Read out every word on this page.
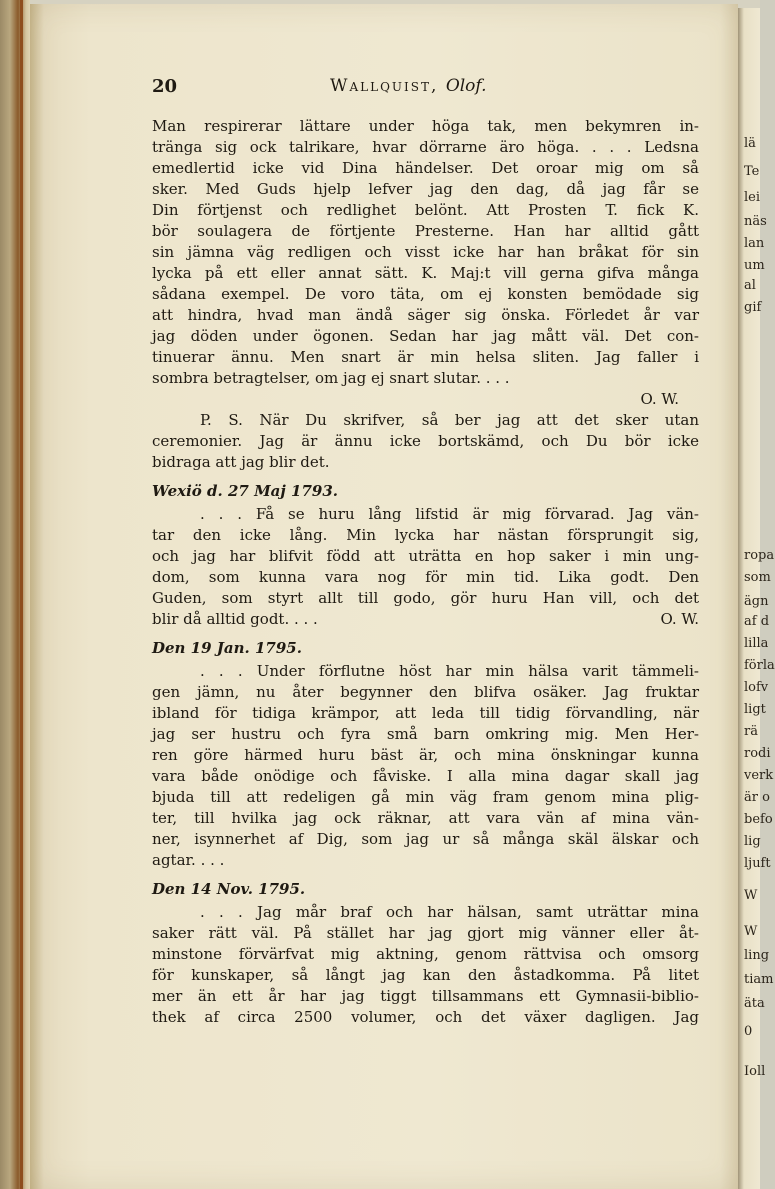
20	Wallquist, Olof.

Man respirerar lättare under höga tak, men bekymren in-
tränga sig ock talrikare, hvar dörrarne äro höga. . . . Ledsna
emedlertid icke vid Dina händelser. Det oroar mig om så
sker. Med Guds hjelp lefver jag den dag, då jag får se
Din förtjenst och redlighet belönt. Att Prosten T. fick K.
bör soulagera de förtjente Presterne. Han har alltid gått
sin jämna väg redligen och visst icke har han bråkat för sin
lycka på ett eller annat sätt. K. Maj:t vill gerna gifva många
sådana exempel. De voro täta, om ej konsten bemödade sig
att hindra, hvad man ändå säger sig önska. Förledet år var
jag döden under ögonen. Sedan har jag mått väl. Det con-
tinuerar ännu. Men snart är min helsa sliten. Jag faller i
sombra betragtelser, om jag ej snart slutar. . . .
O. W.

P. S. När Du skrifver, så ber jag att det sker utan
ceremonier. Jag är ännu icke bortskämd, och Du bör icke
bidraga att jag blir det.

Wexiö d. 27 Maj 1793.

. . . Få se huru lång lifstid är mig förvarad. Jag vän-
tar den icke lång. Min lycka har nästan försprungit sig,
och jag har blifvit född att uträtta en hop saker i min ung-
dom, som kunna vara nog för min tid. Lika godt. Den
Guden, som styrt allt till godo, gör huru Han vill, och det
blir då alltid godt. . . .	O. W.

Den 19 Jan. 1795.

. . . Under förflutne höst har min hälsa varit tämmeli-
gen jämn, nu åter begynner den blifva osäker. Jag fruktar
ibland för tidiga krämpor, att leda till tidig förvandling, när
jag ser hustru och fyra små barn omkring mig. Men Her-
ren göre härmed huru bäst är, och mina önskningar kunna
vara både onödige och fåviske. I alla mina dagar skall jag
bjuda till att redeligen gå min väg fram genom mina plig-
ter, till hvilka jag ock räknar, att vara vän af mina vän-
ner, isynnerhet af Dig, som jag ur så många skäl älskar och
agtar. . . .

Den 14 Nov. 1795.

. . . Jag mår braf och har hälsan, samt uträttar mina
saker rätt väl. På stället har jag gjort mig vänner eller åt-
minstone förvärfvat mig aktning, genom rättvisa och omsorg
för kunskaper, så långt jag kan den åstadkomma. På litet
mer än ett år har jag tiggt tillsammans ett Gymnasii-biblio-
thek af circa 2500 volumer, och det växer dagligen. Jag

lä
Te
lei
näs
lan
um
al
gif
ropa
som
ägn
af d
lilla
förla
lofv
ligt
rä
rodi
verk
är o
befo
lig
ljuft
W
W
ling
tiam
äta
0
Ioll
